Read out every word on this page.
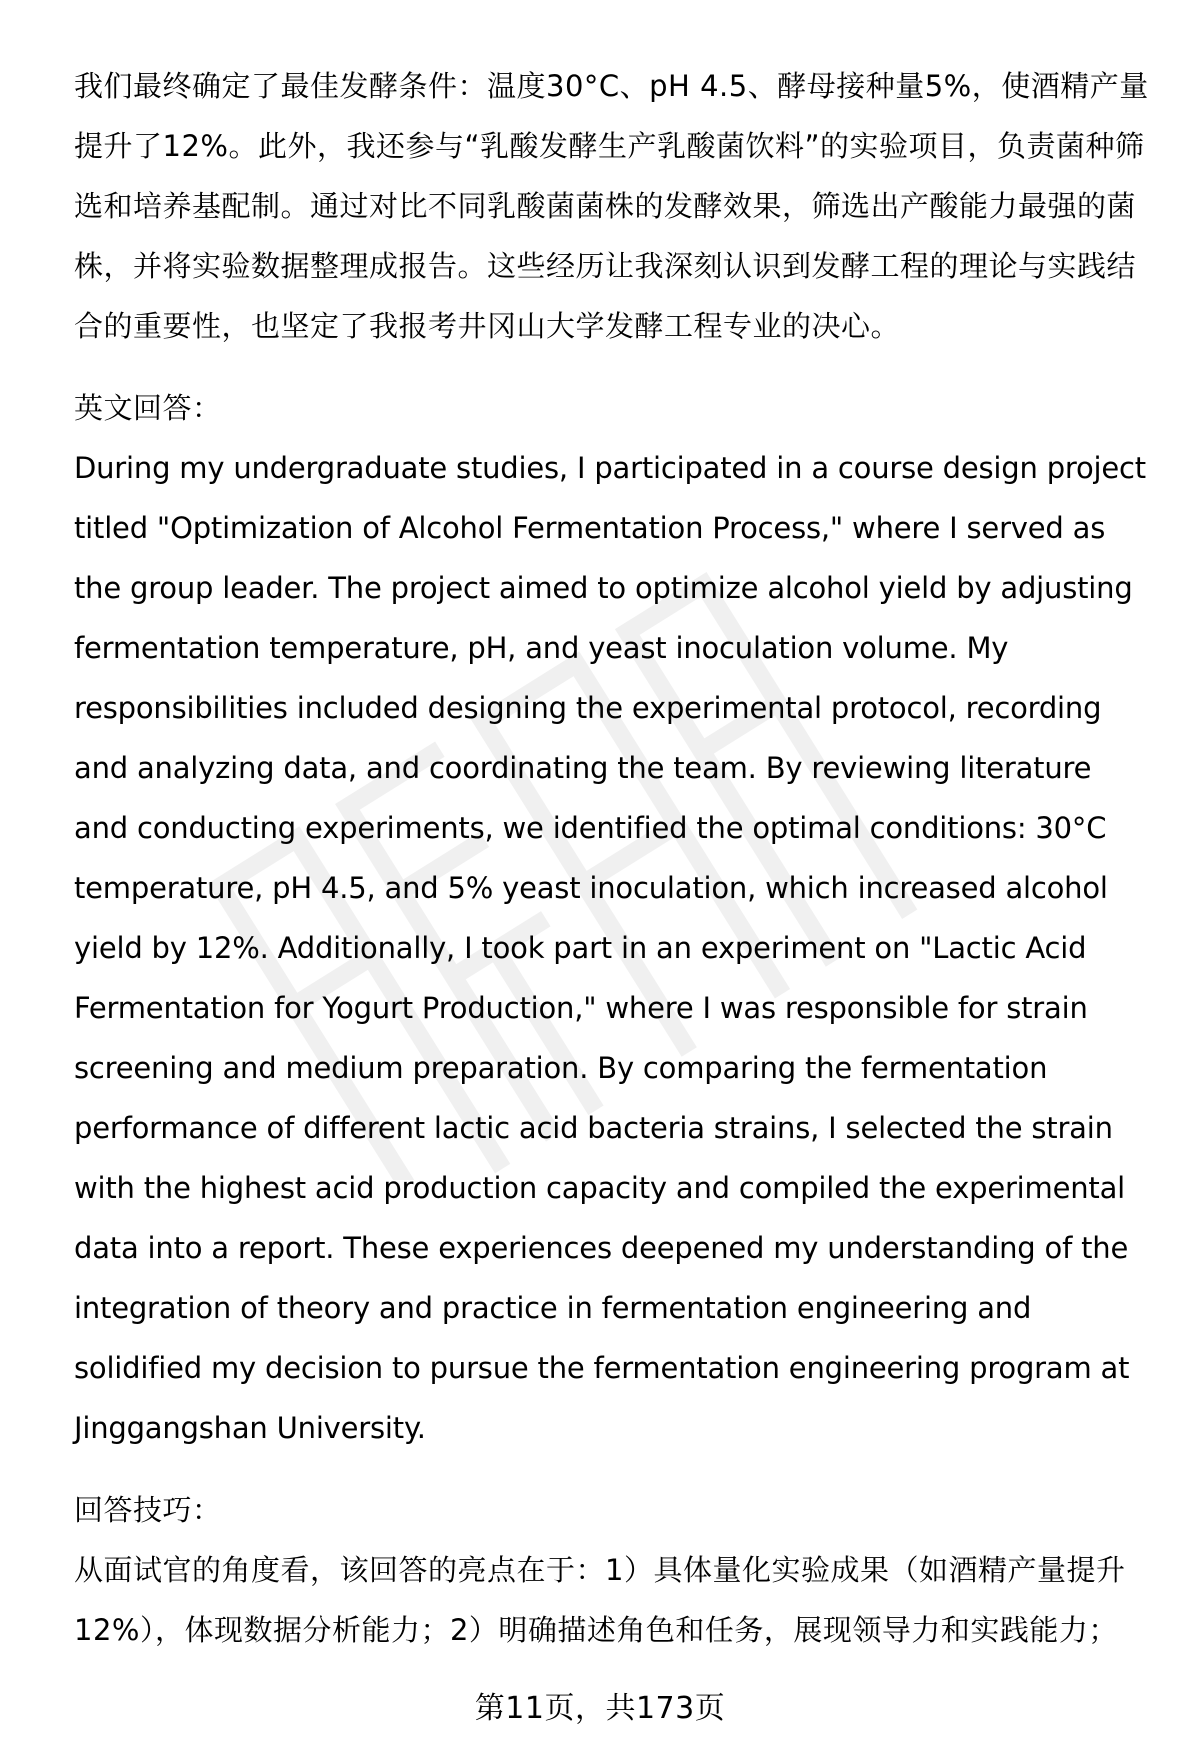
我们最终确定了最佳发酵条件：温度30°C、pH 4.5、酵母接种量5%，使酒精产量提升了12%。此外，我还参与“乳酸发酵生产乳酸菌饮料”的实验项目，负责菌种筛选和培养基配制。通过对比不同乳酸菌菌株的发酵效果，筛选出产酸能力最强的菌株，并将实验数据整理成报告。这些经历让我深刻认识到发酵工程的理论与实践结合的重要性，也坚定了我报考井冈山大学发酵工程专业的决心。

英文回答：

During my undergraduate studies, I participated in a course design project titled "Optimization of Alcohol Fermentation Process," where I served as the group leader. The project aimed to optimize alcohol yield by adjusting fermentation temperature, pH, and yeast inoculation volume. My responsibilities included designing the experimental protocol, recording and analyzing data, and coordinating the team. By reviewing literature and conducting experiments, we identified the optimal conditions: 30°C temperature, pH 4.5, and 5% yeast inoculation, which increased alcohol yield by 12%. Additionally, I took part in an experiment on "Lactic Acid Fermentation for Yogurt Production," where I was responsible for strain screening and medium preparation. By comparing the fermentation performance of different lactic acid bacteria strains, I selected the strain with the highest acid production capacity and compiled the experimental data into a report. These experiences deepened my understanding of the integration of theory and practice in fermentation engineering and solidified my decision to pursue the fermentation engineering program at Jinggangshan University.

回答技巧：

从面试官的角度看，该回答的亮点在于：1）具体量化实验成果（如酒精产量提升12%），体现数据分析能力；2）明确描述角色和任务，展现领导力和实践能力；

第11页，共173页
